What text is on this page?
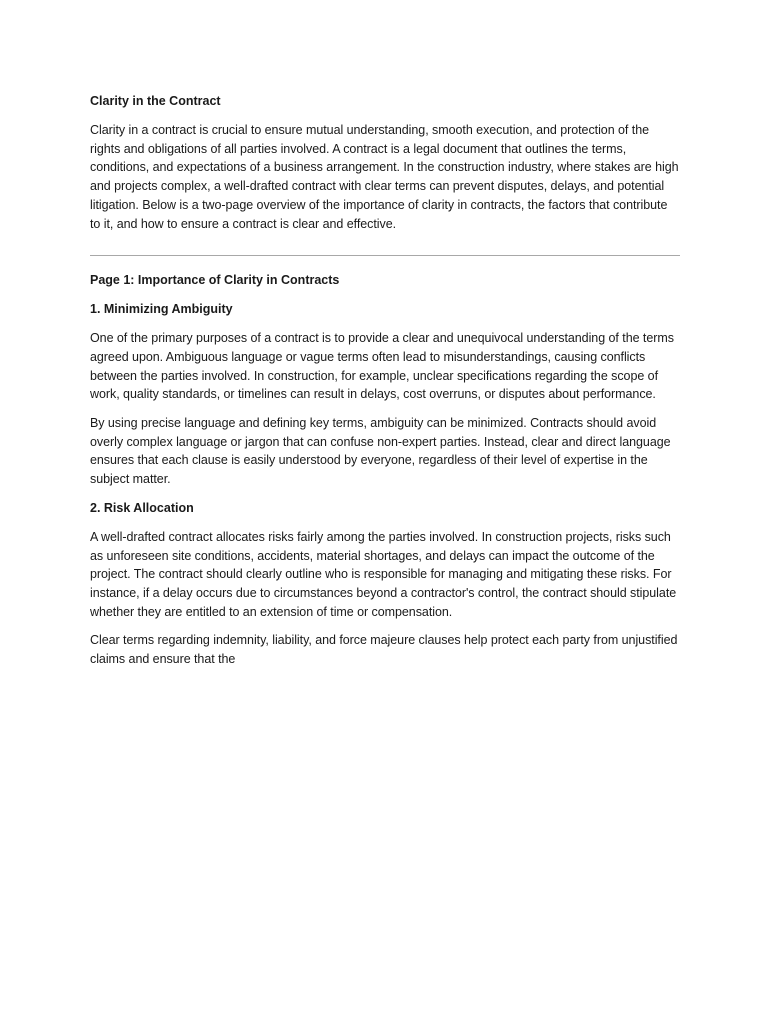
Clarity in the Contract

Clarity in a contract is crucial to ensure mutual understanding, smooth execution, and protection of the rights and obligations of all parties involved. A contract is a legal document that outlines the terms, conditions, and expectations of a business arrangement. In the construction industry, where stakes are high and projects complex, a well-drafted contract with clear terms can prevent disputes, delays, and potential litigation. Below is a two-page overview of the importance of clarity in contracts, the factors that contribute to it, and how to ensure a contract is clear and effective.

Page 1: Importance of Clarity in Contracts
1. Minimizing Ambiguity

One of the primary purposes of a contract is to provide a clear and unequivocal understanding of the terms agreed upon. Ambiguous language or vague terms often lead to misunderstandings, causing conflicts between the parties involved. In construction, for example, unclear specifications regarding the scope of work, quality standards, or timelines can result in delays, cost overruns, or disputes about performance.

By using precise language and defining key terms, ambiguity can be minimized. Contracts should avoid overly complex language or jargon that can confuse non-expert parties. Instead, clear and direct language ensures that each clause is easily understood by everyone, regardless of their level of expertise in the subject matter.

2. Risk Allocation

A well-drafted contract allocates risks fairly among the parties involved. In construction projects, risks such as unforeseen site conditions, accidents, material shortages, and delays can impact the outcome of the project. The contract should clearly outline who is responsible for managing and mitigating these risks. For instance, if a delay occurs due to circumstances beyond a contractor's control, the contract should stipulate whether they are entitled to an extension of time or compensation.

Clear terms regarding indemnity, liability, and force majeure clauses help protect each party from unjustified claims and ensure that the
